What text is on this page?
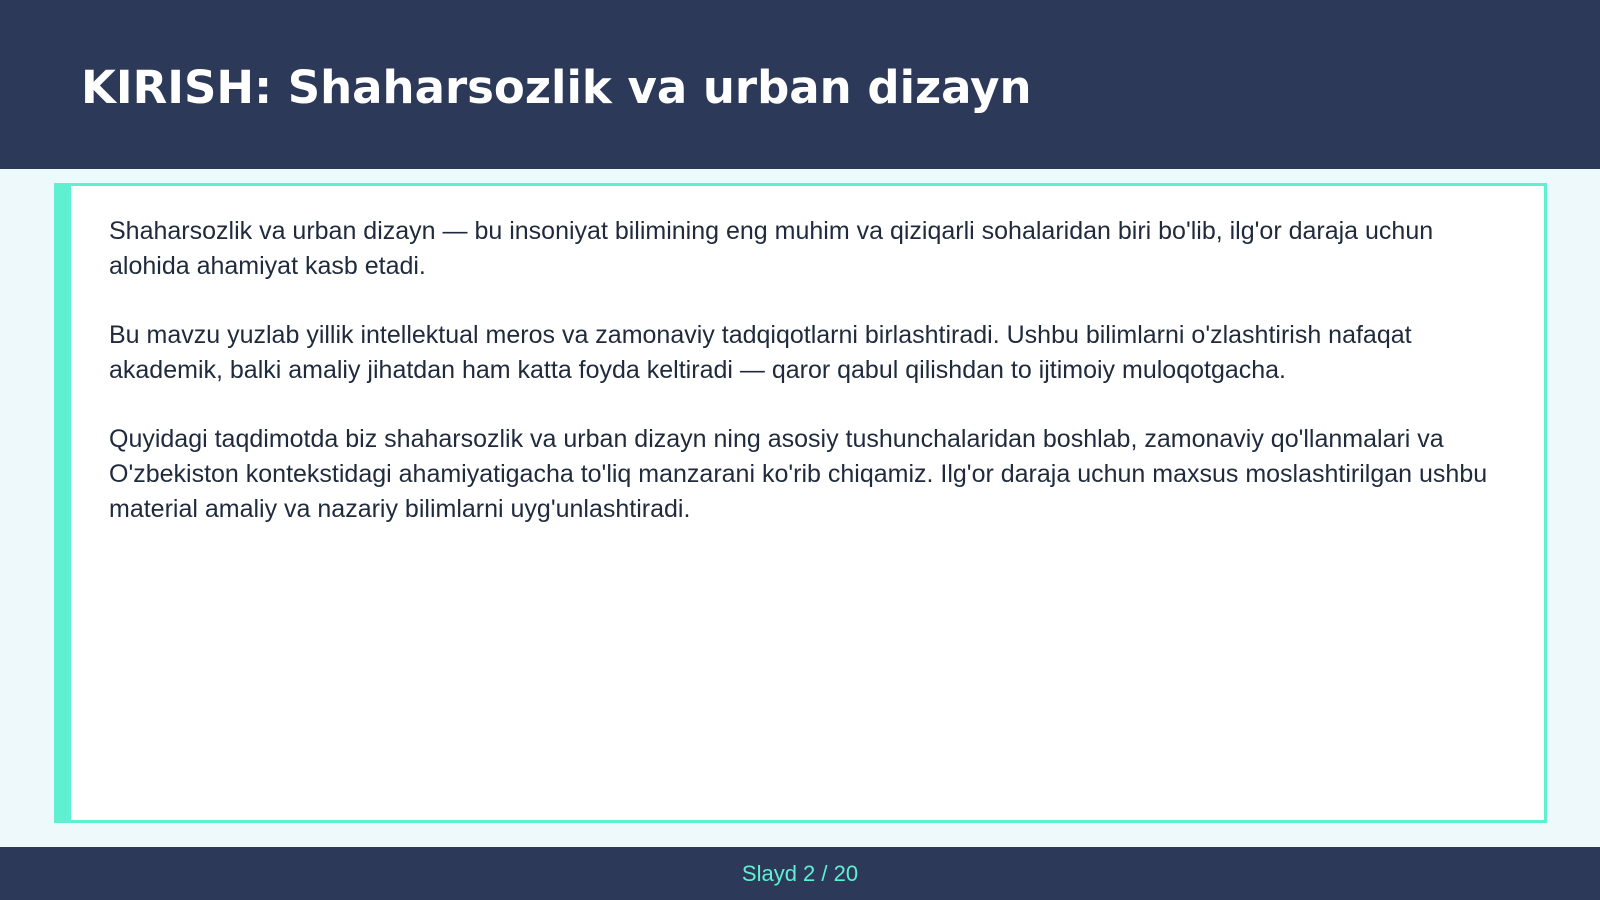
KIRISH: Shaharsozlik va urban dizayn

Shaharsozlik va urban dizayn — bu insoniyat bilimining eng muhim va qiziqarli sohalaridan biri bo'lib, ilg'or daraja uchun alohida ahamiyat kasb etadi.

Bu mavzu yuzlab yillik intellektual meros va zamonaviy tadqiqotlarni birlashtiradi. Ushbu bilimlarni o'zlashtirish nafaqat akademik, balki amaliy jihatdan ham katta foyda keltiradi — qaror qabul qilishdan to ijtimoiy muloqotgacha.

Quyidagi taqdimotda biz shaharsozlik va urban dizayn ning asosiy tushunchalaridan boshlab, zamonaviy qo'llanmalari va O'zbekiston kontekstidagi ahamiyatigacha to'liq manzarani ko'rib chiqamiz. Ilg'or daraja uchun maxsus moslashtirilgan ushbu material amaliy va nazariy bilimlarni uyg'unlashtiradi.

Slayd 2 / 20
